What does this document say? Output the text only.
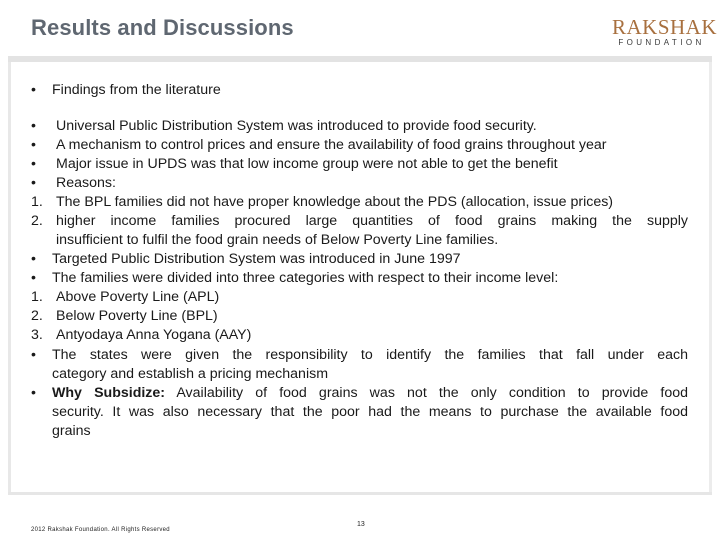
Results and Discussions	RAKSHAK
FOUNDATION
• Findings from the literature
• Universal Public Distribution System was introduced to provide food security.
• A mechanism to control prices and ensure the availability of food grains throughout year
• Major issue in UPDS was that low income group were not able to get the benefit
• Reasons:
1. The BPL families did not have proper knowledge about the PDS (allocation, issue prices)
2. higher income families procured large quantities of food grains making the supply
insufficient to fulfil the food grain needs of Below Poverty Line families.
• Targeted Public Distribution System was introduced in June 1997
• The families were divided into three categories with respect to their income level:
1. Above Poverty Line (APL)
2. Below Poverty Line (BPL)
3. Antyodaya Anna Yogana (AAY)
• The states were given the responsibility to identify the families that fall under each
category and establish a pricing mechanism
• Why Subsidize: Availability of food grains was not the only condition to provide food
security. It was also necessary that the poor had the means to purchase the available food
grains
2012 Rakshak Foundation. All Rights Reserved
13
